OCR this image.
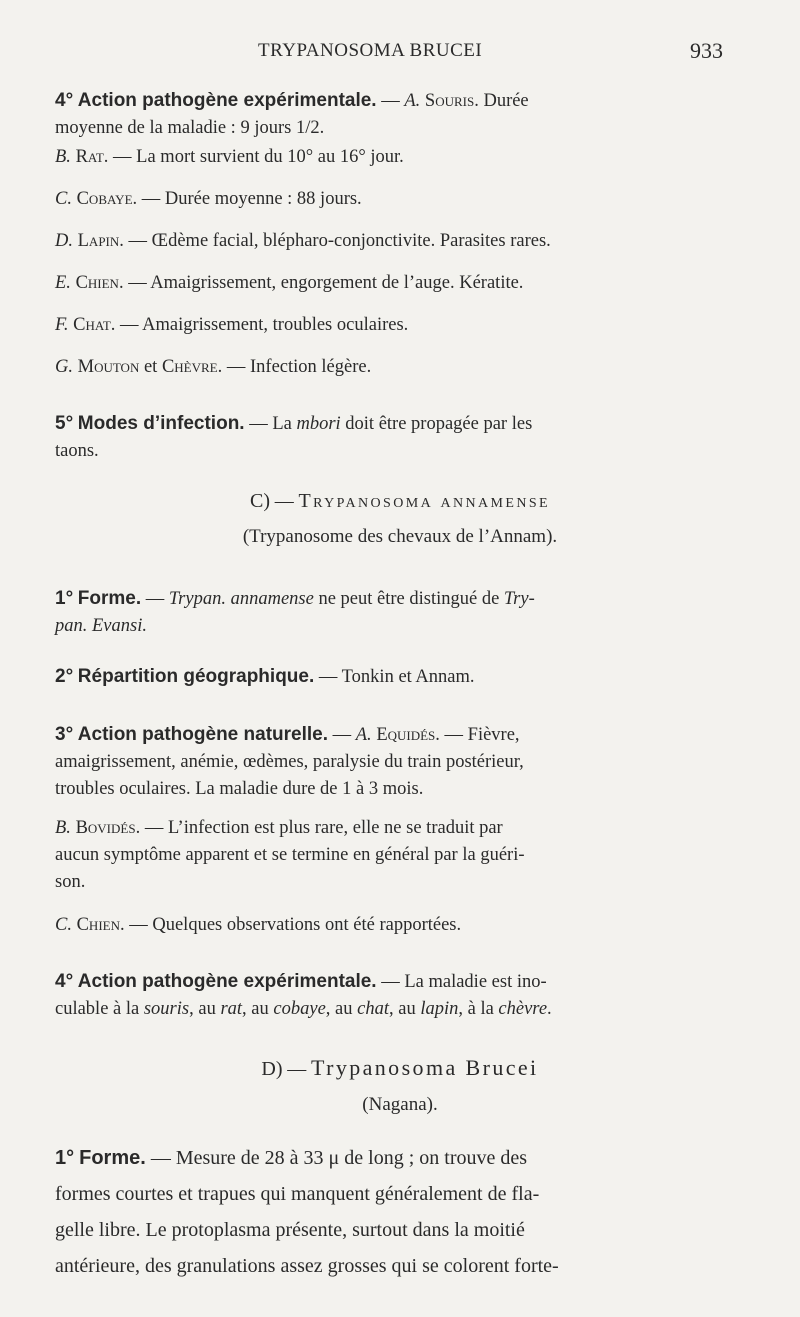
TRYPANOSOMA BRUCEI	933
4° Action pathogène expérimentale. — A. Souris. Durée
moyenne de la maladie : 9 jours 1/2.
B. Rat. — La mort survient du 10° au 16° jour.
C. Cobaye. — Durée moyenne : 88 jours.
D. Lapin. — Œdème facial, blépharo-conjonctivite. Parasites rares.
E. Chien. — Amaigrissement, engorgement de l’auge. Kératite.
F. Chat. — Amaigrissement, troubles oculaires.
G. Mouton et Chèvre. — Infection légère.
5° Modes d’infection. — La mbori doit être propagée par les
taons.
C) — Trypanosoma annamense
(Trypanosome des chevaux de l’Annam).
1° Forme. — Trypan. annamense ne peut être distingué de Try-
pan. Evansi.
2° Répartition géographique. — Tonkin et Annam.
3° Action pathogène naturelle. — A. Equidés. — Fièvre,
amaigrissement, anémie, œdèmes, paralysie du train postérieur,
troubles oculaires. La maladie dure de 1 à 3 mois.
B. Bovidés. — L’infection est plus rare, elle ne se traduit par
aucun symptôme apparent et se termine en général par la guéri-
son.
C. Chien. — Quelques observations ont été rapportées.
4° Action pathogène expérimentale. — La maladie est ino-
culable à la souris, au rat, au cobaye, au chat, au lapin, à la chèvre.
D) — Trypanosoma Brucei
(Nagana).
1° Forme. — Mesure de 28 à 33 μ de long ; on trouve des
formes courtes et trapues qui manquent généralement de fla-
gelle libre. Le protoplasma présente, surtout dans la moitié
antérieure, des granulations assez grosses qui se colorent forte-
